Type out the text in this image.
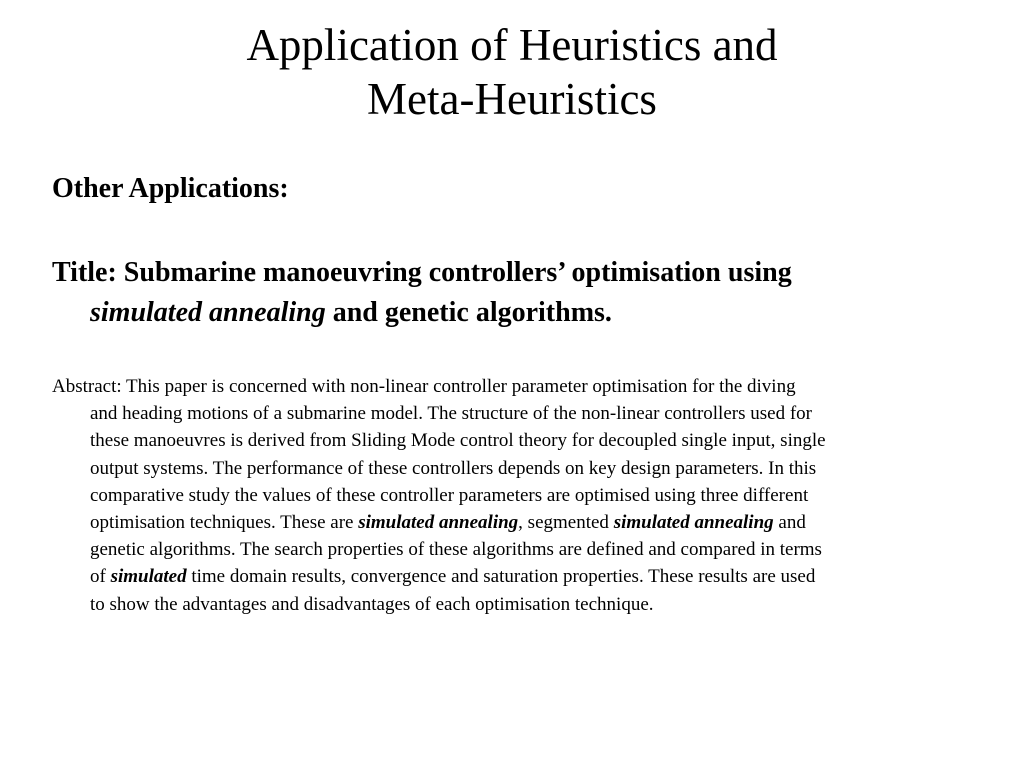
Application of Heuristics and
Meta-Heuristics
Other Applications:

Title: Submarine manoeuvring controllers’ optimisation using
simulated annealing and genetic algorithms.

Abstract: This paper is concerned with non-linear controller parameter optimisation for the diving
and heading motions of a submarine model. The structure of the non-linear controllers used for
these manoeuvres is derived from Sliding Mode control theory for decoupled single input, single
output systems. The performance of these controllers depends on key design parameters. In this
comparative study the values of these controller parameters are optimised using three different
optimisation techniques. These are simulated annealing, segmented simulated annealing and
genetic algorithms. The search properties of these algorithms are defined and compared in terms
of simulated time domain results, convergence and saturation properties. These results are used
to show the advantages and disadvantages of each optimisation technique.
